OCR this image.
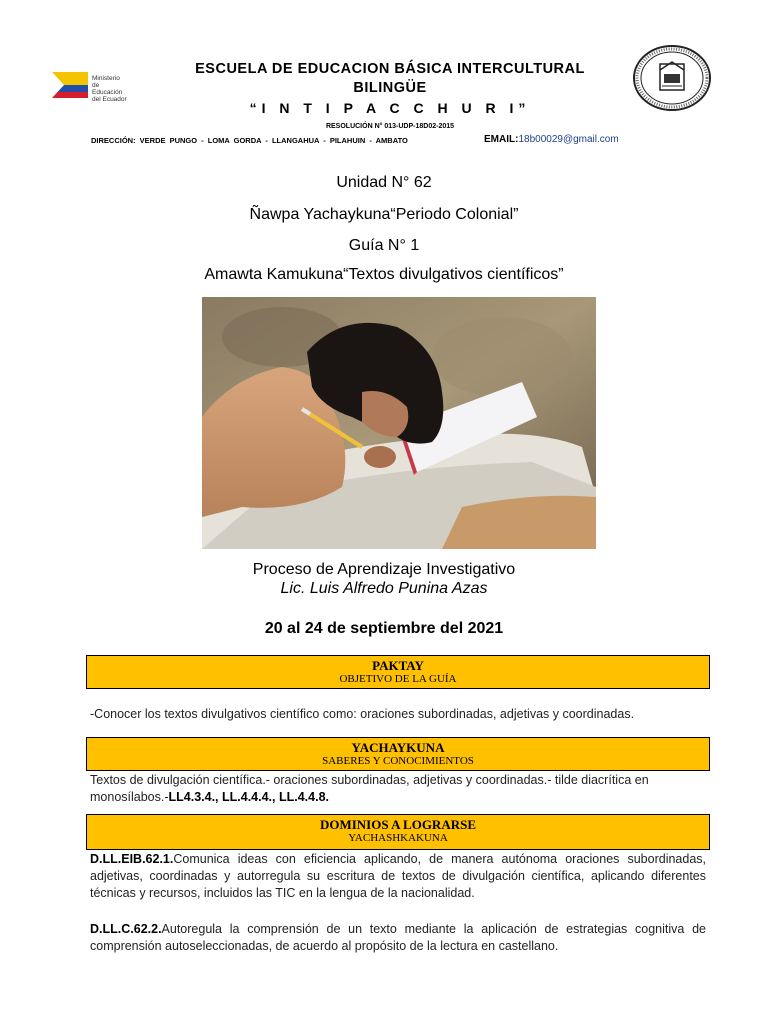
Ministerio
de
Educación
del Ecuador
ESCUELA DE EDUCACION BÁSICA INTERCULTURAL
BILINGÜE
“I N T I P A C C H U R I”
RESOLUCIÓN N° 013-UDP-18D02-2015
DIRECCIÓN: VERDE PUNGO - LOMA GORDA - LLANGAHUA - PILAHUIN - AMBATO	EMAIL:18b00029@gmail.com
Unidad N° 62
Ñawpa Yachaykuna“Periodo Colonial”
Guía N° 1
Amawta Kamukuna“Textos divulgativos científicos”
Proceso de Aprendizaje Investigativo
Lic. Luis Alfredo Punina Azas
20 al 24 de septiembre del 2021
PAKTAY
OBJETIVO DE LA GUÍA
-Conocer los textos divulgativos científico como: oraciones subordinadas, adjetivas y coordinadas.
YACHAYKUNA
SABERES Y CONOCIMIENTOS
Textos de divulgación científica.- oraciones subordinadas, adjetivas y coordinadas.- tilde diacrítica en monosílabos.-LL4.3.4., LL.4.4.4., LL.4.4.8.
DOMINIOS A LOGRARSE
YACHASHKAKUNA
D.LL.EIB.62.1.Comunica ideas con eficiencia aplicando, de manera autónoma oraciones subordinadas, adjetivas, coordinadas y autorregula su escritura de textos de divulgación científica, aplicando diferentes técnicas y recursos, incluidos las TIC en la lengua de la nacionalidad.
D.LL.C.62.2.Autoregula la comprensión de un texto mediante la aplicación de estrategias cognitiva de comprensión autoseleccionadas, de acuerdo al propósito de la lectura en castellano.
